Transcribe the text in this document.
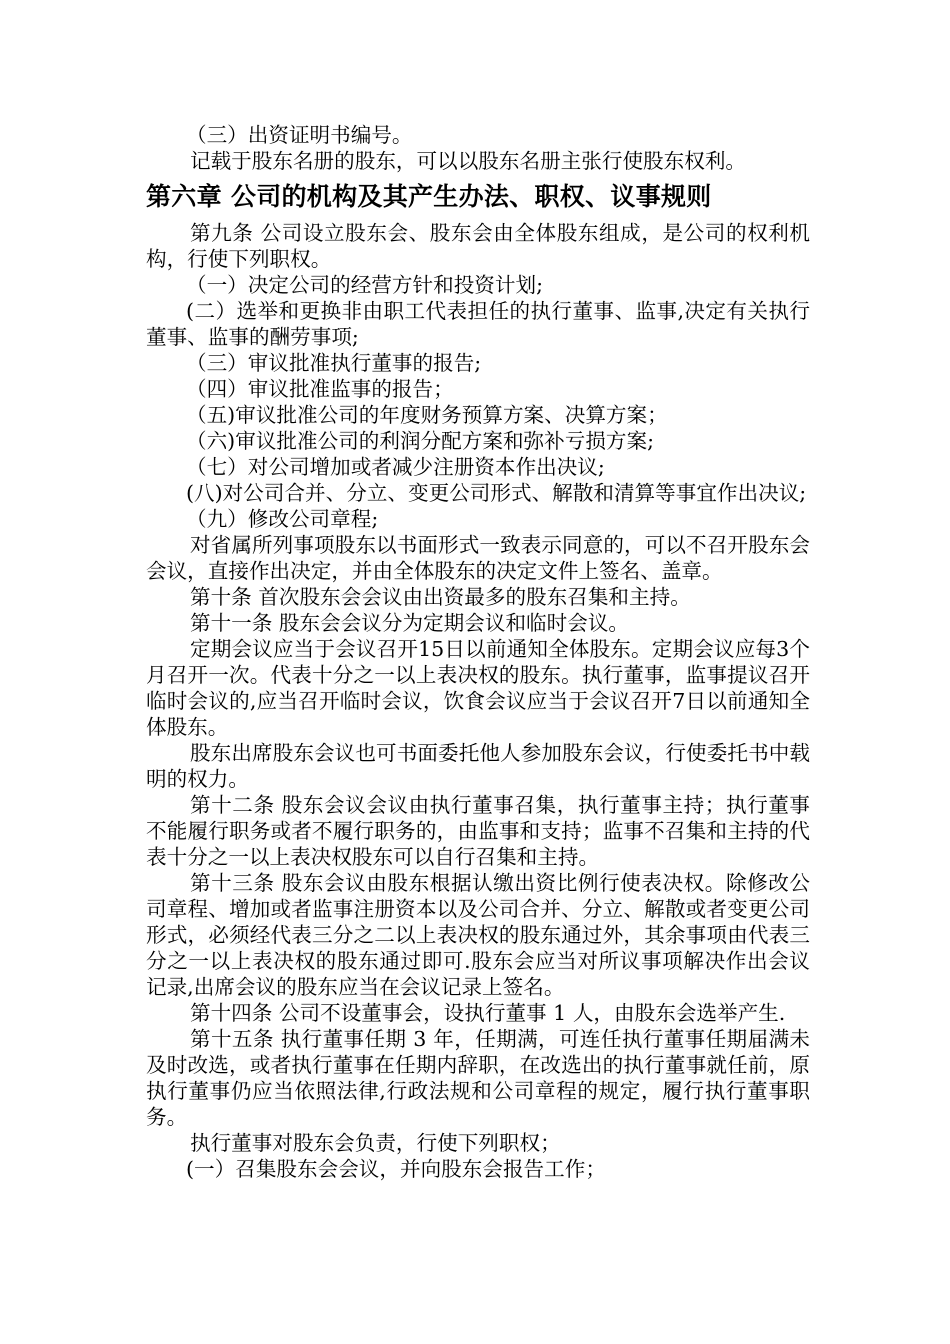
（三）出资证明书编号。

记载于股东名册的股东，可以以股东名册主张行使股东权利。

第六章 公司的机构及其产生办法、职权、议事规则

第九条 公司设立股东会、股东会由全体股东组成，是公司的权利机构，行使下列职权。

（一）决定公司的经营方针和投资计划;

(二）选举和更换非由职工代表担任的执行董事、监事,决定有关执行董事、监事的酬劳事项;

（三）审议批准执行董事的报告;

（四）审议批准监事的报告；

（五)审议批准公司的年度财务预算方案、决算方案；

（六)审议批准公司的利润分配方案和弥补亏损方案;

（七）对公司增加或者减少注册资本作出决议;

(八)对公司合并、分立、变更公司形式、解散和清算等事宜作出决议;

（九）修改公司章程;

对省属所列事项股东以书面形式一致表示同意的，可以不召开股东会会议，直接作出决定，并由全体股东的决定文件上签名、盖章。

第十条 首次股东会会议由出资最多的股东召集和主持。

第十一条 股东会会议分为定期会议和临时会议。

定期会议应当于会议召开15日以前通知全体股东。定期会议应每3个月召开一次。代表十分之一以上表决权的股东。执行董事，监事提议召开临时会议的,应当召开临时会议，饮食会议应当于会议召开7日以前通知全体股东。

股东出席股东会议也可书面委托他人参加股东会议，行使委托书中载明的权力。

第十二条 股东会议会议由执行董事召集，执行董事主持；执行董事不能履行职务或者不履行职务的，由监事和支持；监事不召集和主持的代表十分之一以上表决权股东可以自行召集和主持。

第十三条 股东会议由股东根据认缴出资比例行使表决权。除修改公司章程、增加或者监事注册资本以及公司合并、分立、解散或者变更公司形式，必须经代表三分之二以上表决权的股东通过外，其余事项由代表三分之一以上表决权的股东通过即可.股东会应当对所议事项解决作出会议记录,出席会议的股东应当在会议记录上签名。

第十四条 公司不设董事会，设执行董事 1 人，由股东会选举产生.

第十五条 执行董事任期 3 年，任期满，可连任执行董事任期届满未及时改选，或者执行董事在任期内辞职，在改选出的执行董事就任前，原执行董事仍应当依照法律,行政法规和公司章程的规定，履行执行董事职务。

执行董事对股东会负责，行使下列职权；

(一）召集股东会会议，并向股东会报告工作；
